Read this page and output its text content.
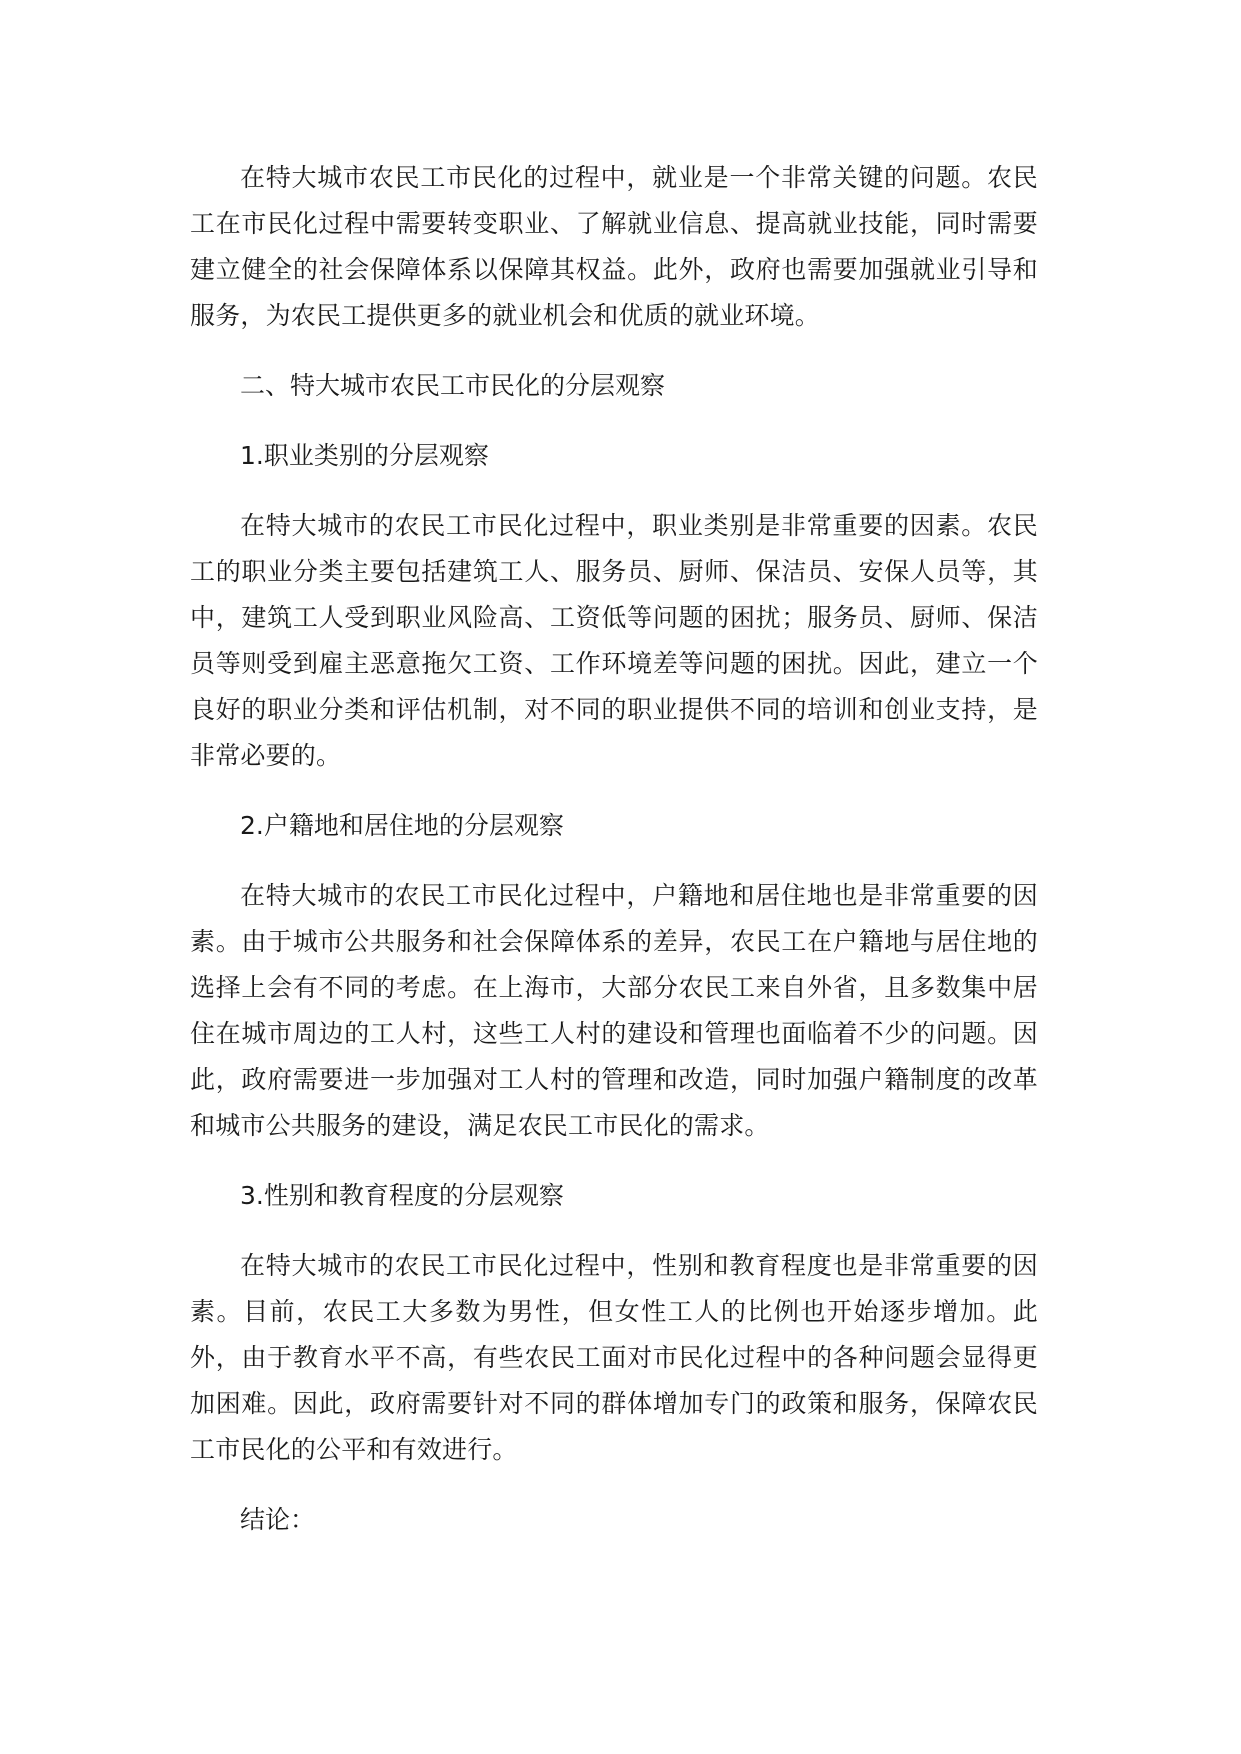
在特大城市农民工市民化的过程中，就业是一个非常关键的问题。农民工在市民化过程中需要转变职业、了解就业信息、提高就业技能，同时需要建立健全的社会保障体系以保障其权益。此外，政府也需要加强就业引导和服务，为农民工提供更多的就业机会和优质的就业环境。

二、特大城市农民工市民化的分层观察

1.职业类别的分层观察

在特大城市的农民工市民化过程中，职业类别是非常重要的因素。农民工的职业分类主要包括建筑工人、服务员、厨师、保洁员、安保人员等，其中，建筑工人受到职业风险高、工资低等问题的困扰；服务员、厨师、保洁员等则受到雇主恶意拖欠工资、工作环境差等问题的困扰。因此，建立一个良好的职业分类和评估机制，对不同的职业提供不同的培训和创业支持，是非常必要的。

2.户籍地和居住地的分层观察

在特大城市的农民工市民化过程中，户籍地和居住地也是非常重要的因素。由于城市公共服务和社会保障体系的差异，农民工在户籍地与居住地的选择上会有不同的考虑。在上海市，大部分农民工来自外省，且多数集中居住在城市周边的工人村，这些工人村的建设和管理也面临着不少的问题。因此，政府需要进一步加强对工人村的管理和改造，同时加强户籍制度的改革和城市公共服务的建设，满足农民工市民化的需求。

3.性别和教育程度的分层观察

在特大城市的农民工市民化过程中，性别和教育程度也是非常重要的因素。目前，农民工大多数为男性，但女性工人的比例也开始逐步增加。此外，由于教育水平不高，有些农民工面对市民化过程中的各种问题会显得更加困难。因此，政府需要针对不同的群体增加专门的政策和服务，保障农民工市民化的公平和有效进行。

结论：
